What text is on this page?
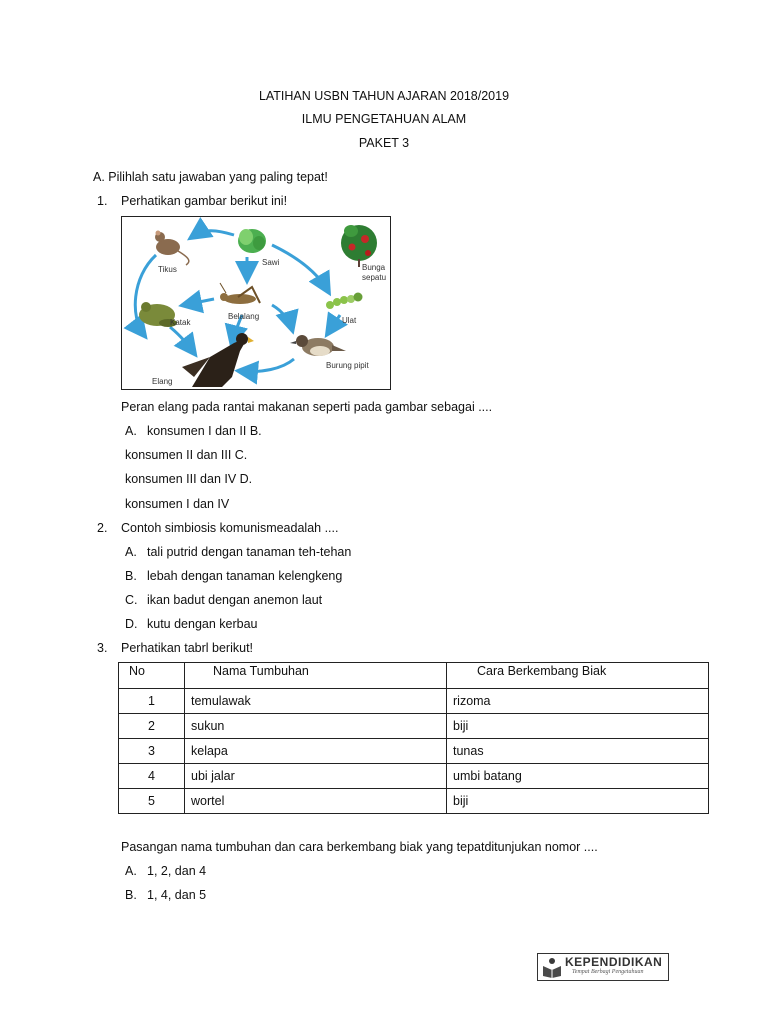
LATIHAN USBN TAHUN AJARAN 2018/2019
ILMU PENGETAHUAN ALAM
PAKET 3
A. Pilihlah satu jawaban yang paling tepat!
1. Perhatikan gambar berikut ini!
Tikus
Sawi
Bunga
sepatu
Belalang	Ulat
Katak
Burung pipit
Elang
Peran elang pada rantai makanan seperti pada gambar sebagai ....
A. konsumen I dan II B.
konsumen II dan III C.
konsumen III dan IV D.
konsumen I dan IV
2. Contoh simbiosis komunismeadalah ....
A. tali putrid dengan tanaman teh-tehan
B. lebah dengan tanaman kelengkeng
C. ikan badut dengan anemon laut
D. kutu dengan kerbau
3. Perhatikan tabrl berikut!
No	Nama Tumbuhan	Cara Berkembang Biak
1	temulawak	rizoma
2	sukun	biji
3	kelapa	tunas
4	ubi jalar	umbi batang
5	wortel	biji
Pasangan nama tumbuhan dan cara berkembang biak yang tepatditunjukan nomor ....
A. 1, 2, dan 4
B. 1, 4, dan 5
KEPENDIDIKAN
Tempat Berbagi Pengetahuan
